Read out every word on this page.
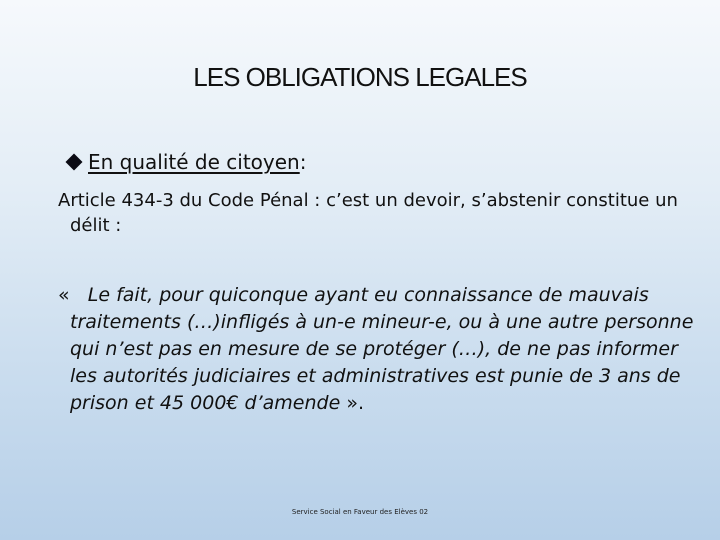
LES OBLIGATIONS LEGALES
En qualité de citoyen :
Article 434-3 du Code Pénal : c’est un devoir, s’abstenir constitue un délit :
«   Le fait, pour quiconque ayant eu connaissance de mauvais traitements (…)infligés à un-e mineur-e, ou à une autre personne qui n’est pas en mesure de se protéger (…), de ne pas informer les autorités judiciaires et administratives est punie de 3 ans de prison et 45 000€ d’amende ».
Service Social en Faveur des Elèves 02
